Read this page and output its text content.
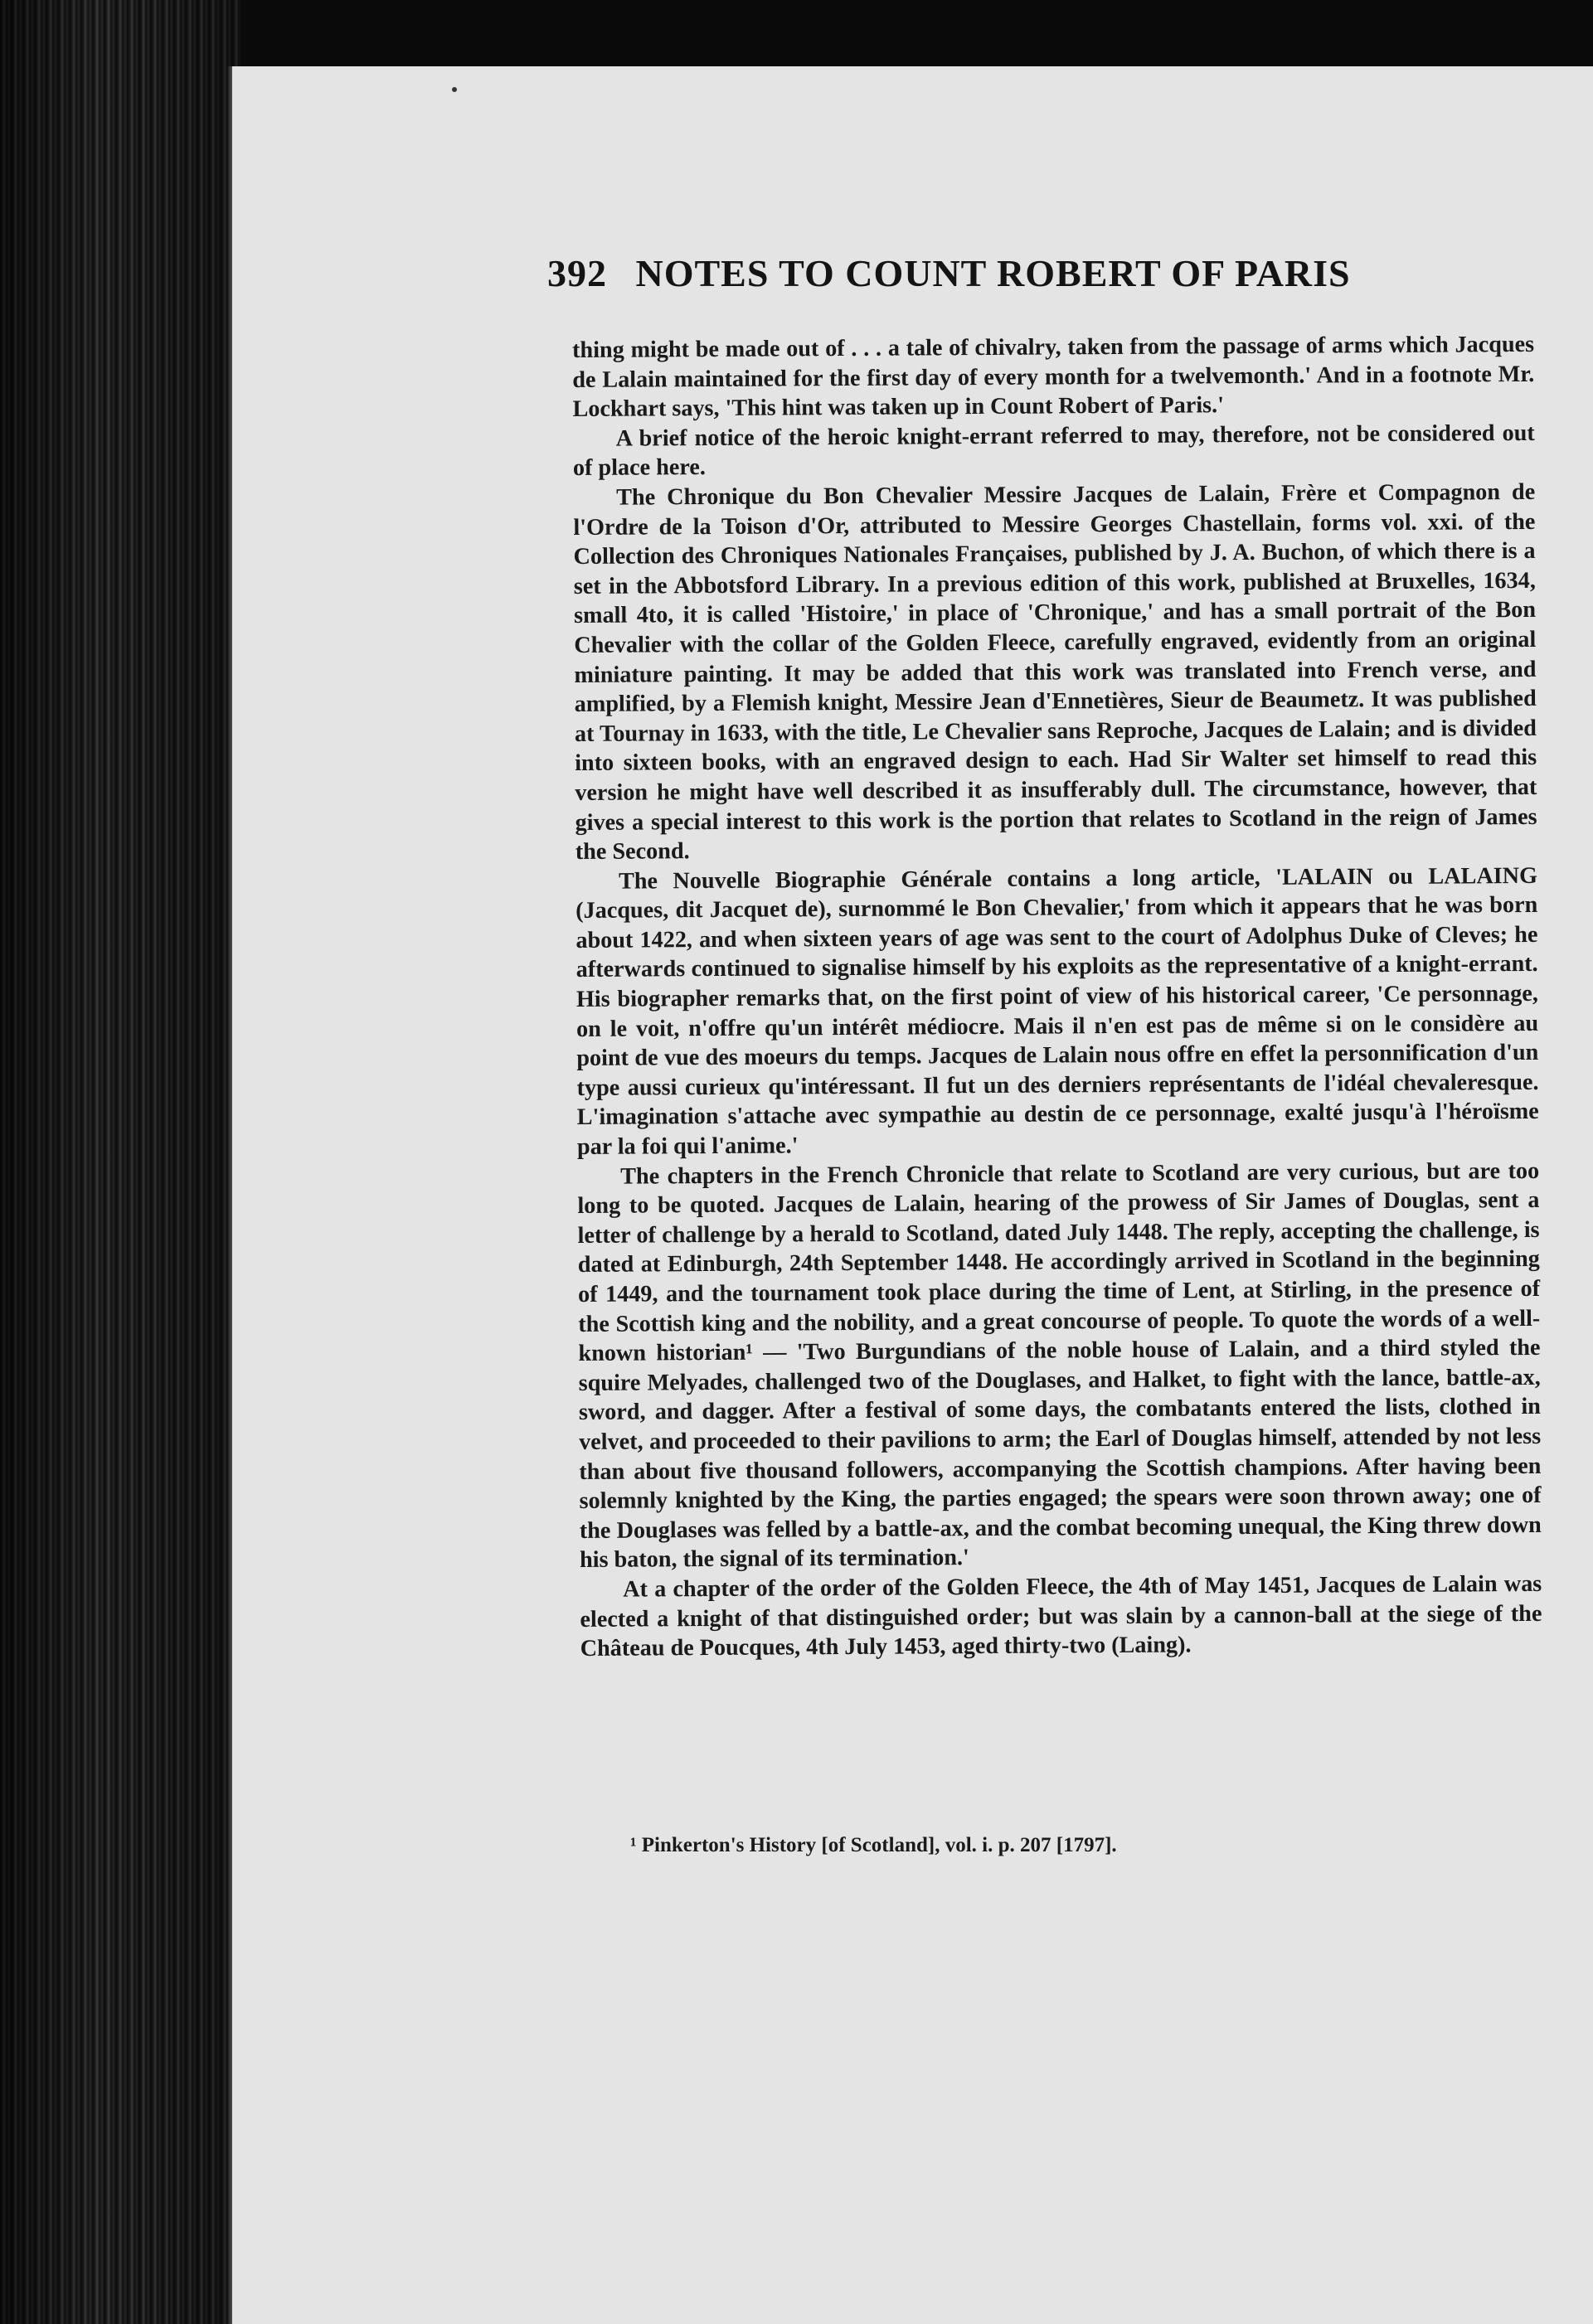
392 NOTES TO COUNT ROBERT OF PARIS

thing might be made out of . . . a tale of chivalry, taken from the passage of arms which Jacques de Lalain maintained for the first day of every month for a twelvemonth.' And in a footnote Mr. Lockhart says, 'This hint was taken up in Count Robert of Paris.'

A brief notice of the heroic knight-errant referred to may, therefore, not be considered out of place here.

The Chronique du Bon Chevalier Messire Jacques de Lalain, Frère et Compagnon de l'Ordre de la Toison d'Or, attributed to Messire Georges Chastellain, forms vol. xxi. of the Collection des Chroniques Nationales Françaises, published by J. A. Buchon, of which there is a set in the Abbotsford Library. In a previous edition of this work, published at Bruxelles, 1634, small 4to, it is called 'Histoire,' in place of 'Chronique,' and has a small portrait of the Bon Chevalier with the collar of the Golden Fleece, carefully engraved, evidently from an original miniature painting. It may be added that this work was translated into French verse, and amplified, by a Flemish knight, Messire Jean d'Ennetières, Sieur de Beaumetz. It was published at Tournay in 1633, with the title, Le Chevalier sans Reproche, Jacques de Lalain; and is divided into sixteen books, with an engraved design to each. Had Sir Walter set himself to read this version he might have well described it as insufferably dull. The circumstance, however, that gives a special interest to this work is the portion that relates to Scotland in the reign of James the Second.

The Nouvelle Biographie Générale contains a long article, 'LALAIN ou LALAING (Jacques, dit Jacquet de), surnommé le Bon Chevalier,' from which it appears that he was born about 1422, and when sixteen years of age was sent to the court of Adolphus Duke of Cleves; he afterwards continued to signalise himself by his exploits as the representative of a knight-errant. His biographer remarks that, on the first point of view of his historical career, 'Ce personnage, on le voit, n'offre qu'un intérêt médiocre. Mais il n'en est pas de même si on le considère au point de vue des moeurs du temps. Jacques de Lalain nous offre en effet la personnification d'un type aussi curieux qu'intéressant. Il fut un des derniers représentants de l'idéal chevaleresque. L'imagination s'attache avec sympathie au destin de ce personnage, exalté jusqu'à l'héroïsme par la foi qui l'anime.'

The chapters in the French Chronicle that relate to Scotland are very curious, but are too long to be quoted. Jacques de Lalain, hearing of the prowess of Sir James of Douglas, sent a letter of challenge by a herald to Scotland, dated July 1448. The reply, accepting the challenge, is dated at Edinburgh, 24th September 1448. He accordingly arrived in Scotland in the beginning of 1449, and the tournament took place during the time of Lent, at Stirling, in the presence of the Scottish king and the nobility, and a great concourse of people. To quote the words of a well-known historian¹ — 'Two Burgundians of the noble house of Lalain, and a third styled the squire Melyades, challenged two of the Douglases, and Halket, to fight with the lance, battle-ax, sword, and dagger. After a festival of some days, the combatants entered the lists, clothed in velvet, and proceeded to their pavilions to arm; the Earl of Douglas himself, attended by not less than about five thousand followers, accompanying the Scottish champions. After having been solemnly knighted by the King, the parties engaged; the spears were soon thrown away; one of the Douglases was felled by a battle-ax, and the combat becoming unequal, the King threw down his baton, the signal of its termination.'

At a chapter of the order of the Golden Fleece, the 4th of May 1451, Jacques de Lalain was elected a knight of that distinguished order; but was slain by a cannon-ball at the siege of the Château de Poucques, 4th July 1453, aged thirty-two (Laing).

¹ Pinkerton's History [of Scotland], vol. i. p. 207 [1797].
